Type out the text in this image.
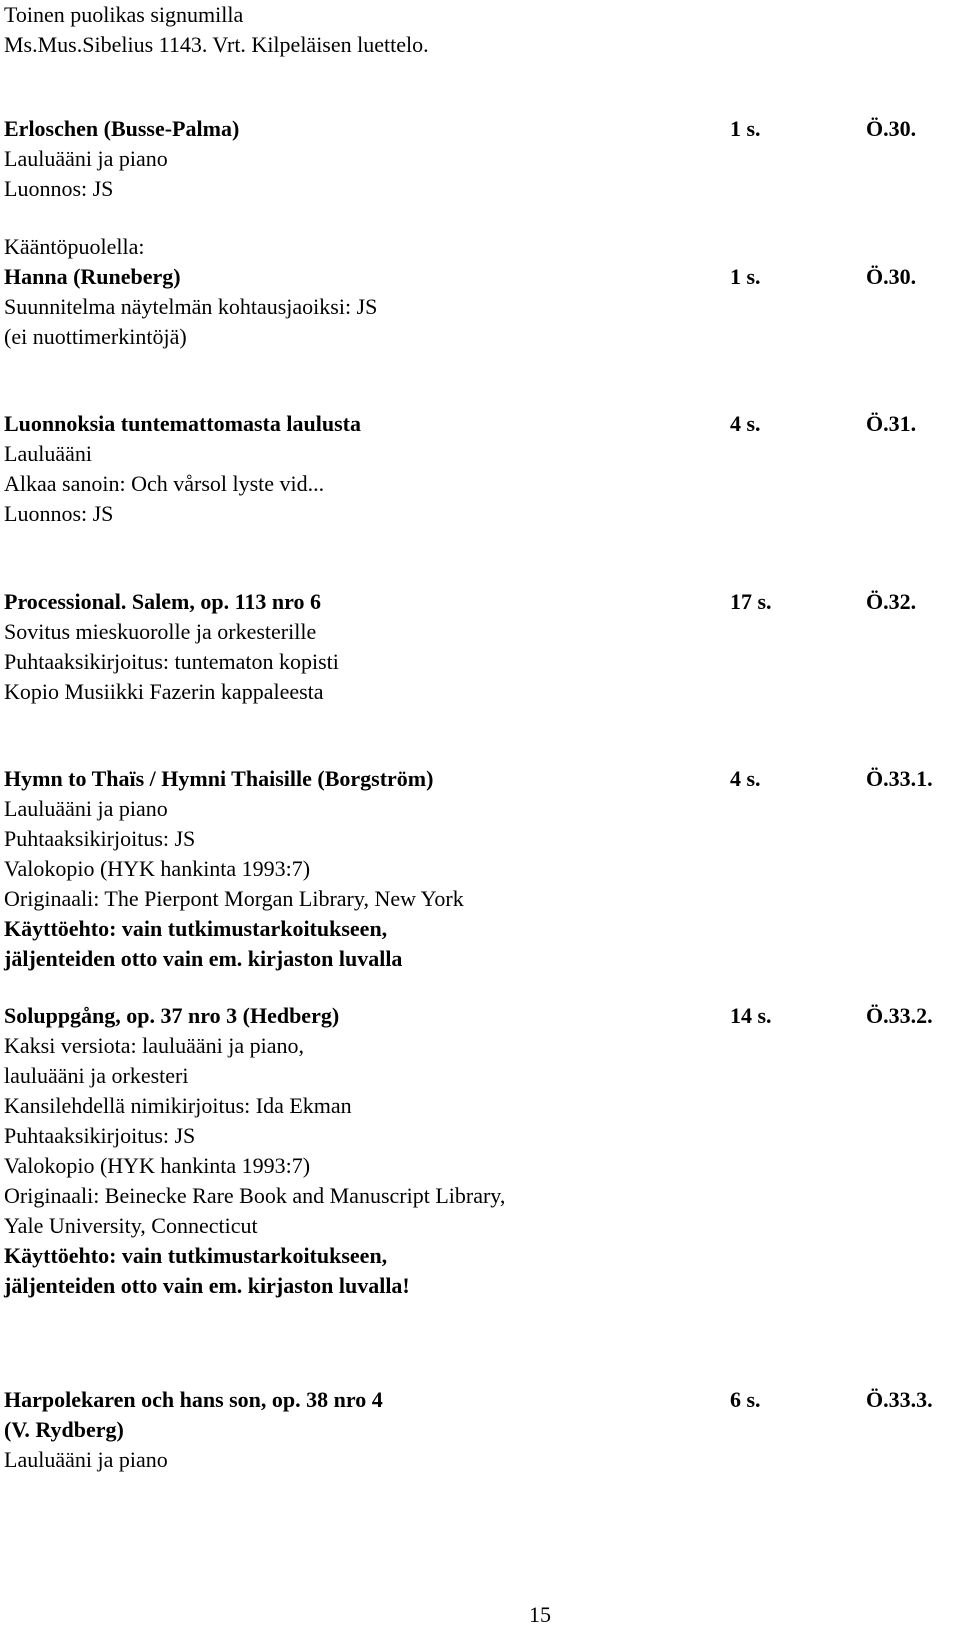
Toinen puolikas signumilla
Ms.Mus.Sibelius 1143. Vrt. Kilpeläisen luettelo.
Erloschen (Busse-Palma)	1 s.	Ö.30.
Lauluääni ja piano
Luonnos: JS
Kääntöpuolella:
Hanna (Runeberg)	1 s.	Ö.30.
Suunnitelma näytelmän kohtausjaoiksi: JS
(ei nuottimerkintöjä)
Luonnoksia tuntemattomasta laulusta	4 s.	Ö.31.
Lauluääni
Alkaa sanoin: Och vårsol lyste vid...
Luonnos: JS
Processional. Salem, op. 113 nro 6	17 s.	Ö.32.
Sovitus mieskuorolle ja orkesterille
Puhtaaksikirjoitus: tuntematon kopisti
Kopio Musiikki Fazerin kappaleesta
Hymn to Thaïs / Hymni Thaisille (Borgström)	4 s.	Ö.33.1.
Lauluääni ja piano
Puhtaaksikirjoitus: JS
Valokopio (HYK hankinta 1993:7)
Originaali: The Pierpont Morgan Library, New York
Käyttöehto: vain tutkimustarkoitukseen,
jäljenteiden otto vain em. kirjaston luvalla
Soluppgång, op. 37 nro 3 (Hedberg)	14 s.	Ö.33.2.
Kaksi versiota: lauluääni ja piano,
lauluääni ja orkesteri
Kansilehdellä nimikirjoitus: Ida Ekman
Puhtaaksikirjoitus: JS
Valokopio (HYK hankinta 1993:7)
Originaali: Beinecke Rare Book and Manuscript Library,
Yale University, Connecticut
Käyttöehto: vain tutkimustarkoitukseen,
jäljenteiden otto vain em. kirjaston luvalla!
Harpolekaren och hans son, op. 38 nro 4	6 s.	Ö.33.3.
(V. Rydberg)
Lauluääni ja piano
15
